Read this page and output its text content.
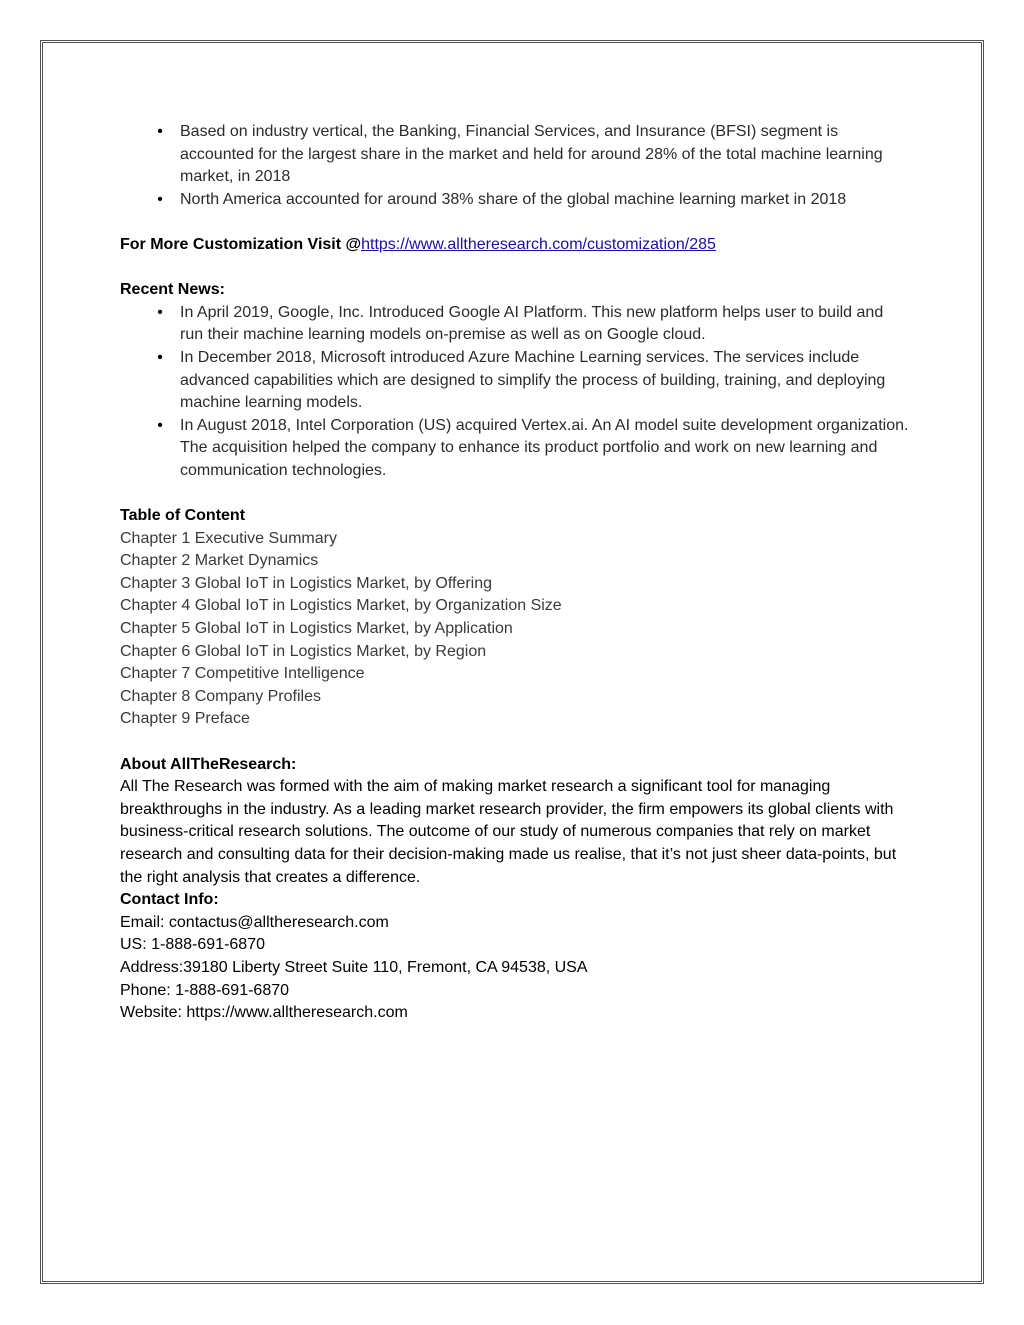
•	Based on industry vertical, the Banking, Financial Services, and Insurance (BFSI) segment is accounted for the largest share in the market and held for around 28% of the total machine learning market, in 2018
•	North America accounted for around 38% share of the global machine learning market in 2018
For More Customization Visit @https://www.alltheresearch.com/customization/285
Recent News:
•	In April 2019, Google, Inc. Introduced Google AI Platform. This new platform helps user to build and run their machine learning models on-premise as well as on Google cloud.
•	In December 2018, Microsoft introduced Azure Machine Learning services. The services include advanced capabilities which are designed to simplify the process of building, training, and deploying machine learning models.
•	In August 2018, Intel Corporation (US) acquired Vertex.ai. An AI model suite development organization. The acquisition helped the company to enhance its product portfolio and work on new learning and communication technologies.
Table of Content
Chapter 1 Executive Summary
Chapter 2 Market Dynamics
Chapter 3 Global IoT in Logistics Market, by Offering
Chapter 4 Global IoT in Logistics Market, by Organization Size
Chapter 5 Global IoT in Logistics Market, by Application
Chapter 6 Global IoT in Logistics Market, by Region
Chapter 7 Competitive Intelligence
Chapter 8 Company Profiles
Chapter 9 Preface
About AllTheResearch:
All The Research was formed with the aim of making market research a significant tool for managing breakthroughs in the industry. As a leading market research provider, the firm empowers its global clients with business-critical research solutions. The outcome of our study of numerous companies that rely on market research and consulting data for their decision-making made us realise, that it’s not just sheer data-points, but the right analysis that creates a difference.
Contact Info:
Email: contactus@alltheresearch.com
US: 1-888-691-6870
Address:39180 Liberty Street Suite 110, Fremont, CA 94538, USA
Phone: 1-888-691-6870
Website: https://www.alltheresearch.com
